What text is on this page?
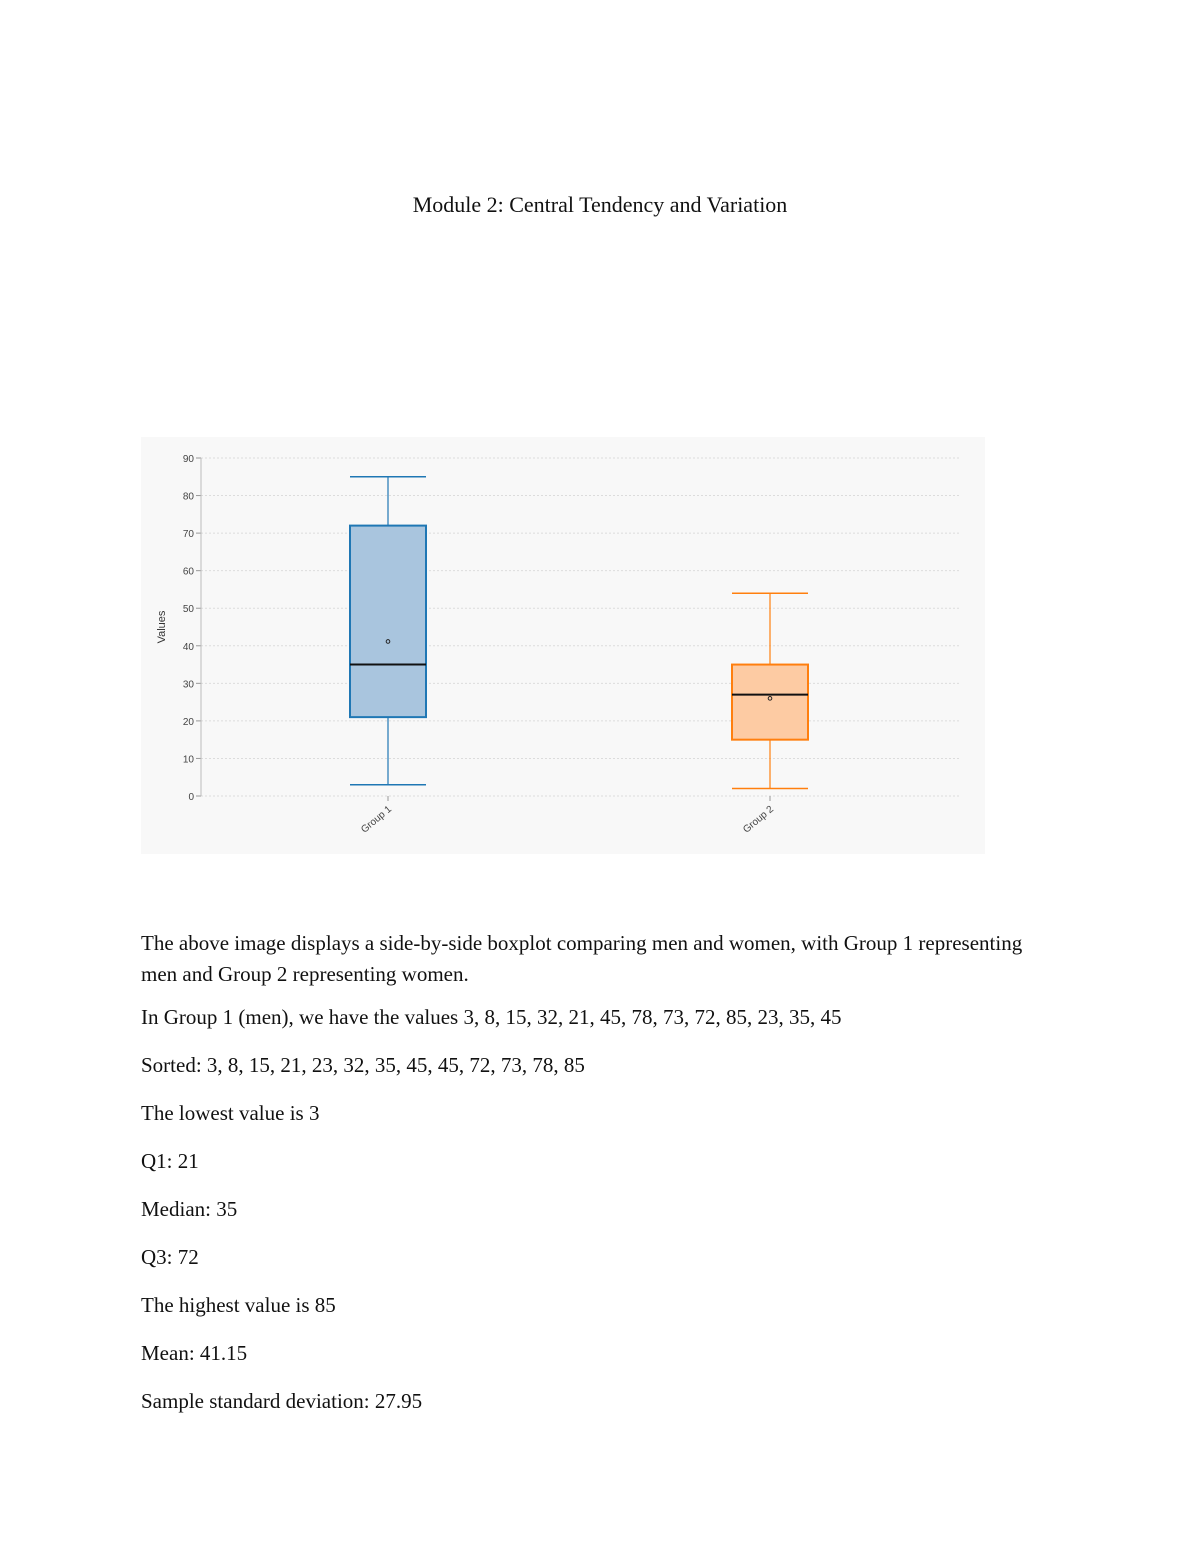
Module 2: Central Tendency and Variation
0
10
20
30
40
50
60
70
80
90
Values
Group 1	Group 2

The above image displays a side-by-side boxplot comparing men and women, with Group 1 representing men and Group 2 representing women.

In Group 1 (men), we have the values 3, 8, 15, 32, 21, 45, 78, 73, 72, 85, 23, 35, 45

Sorted: 3, 8, 15, 21, 23, 32, 35, 45, 45, 72, 73, 78, 85

The lowest value is 3

Q1: 21

Median: 35

Q3: 72

The highest value is 85

Mean: 41.15

Sample standard deviation: 27.95
